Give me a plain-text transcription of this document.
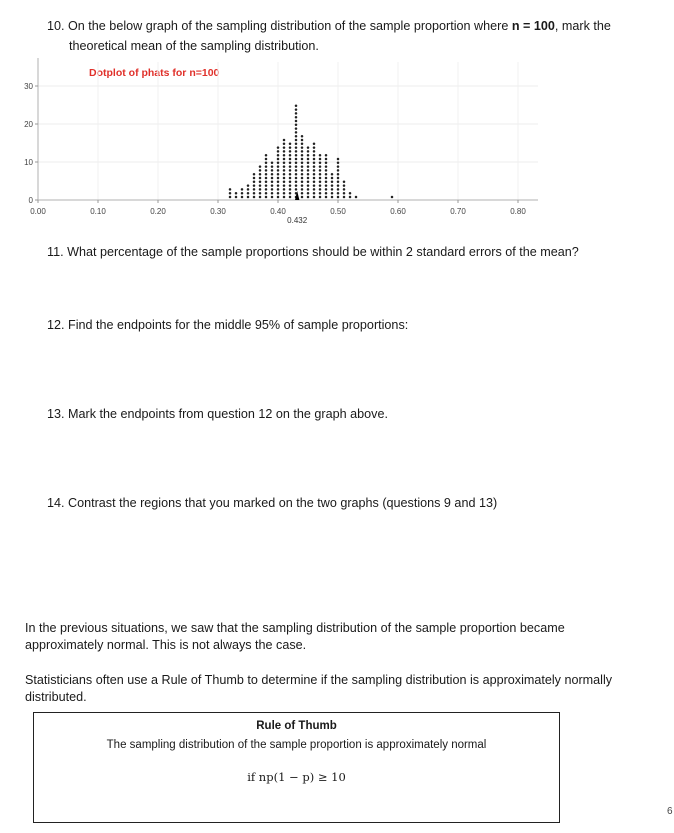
10. On the below graph of the sampling distribution of the sample proportion where n = 100, mark the
theoretical mean of the sampling distribution.
Dotplot of phats for n=100
0
10
20
30
0.00	0.10	0.20	0.30	0.40	0.50	0.60	0.70	0.80
0.432
11. What percentage of the sample proportions should be within 2 standard errors of the mean?
12. Find the endpoints for the middle 95% of sample proportions:
13. Mark the endpoints from question 12 on the graph above.
14. Contrast the regions that you marked on the two graphs (questions 9 and 13)
In the previous situations, we saw that the sampling distribution of the sample proportion became
approximately normal. This is not always the case.
Statisticians often use a Rule of Thumb to determine if the sampling distribution is approximately normally
distributed.
Rule of Thumb
The sampling distribution of the sample proportion is approximately normal
if np(1 − p) ≥ 10
6
